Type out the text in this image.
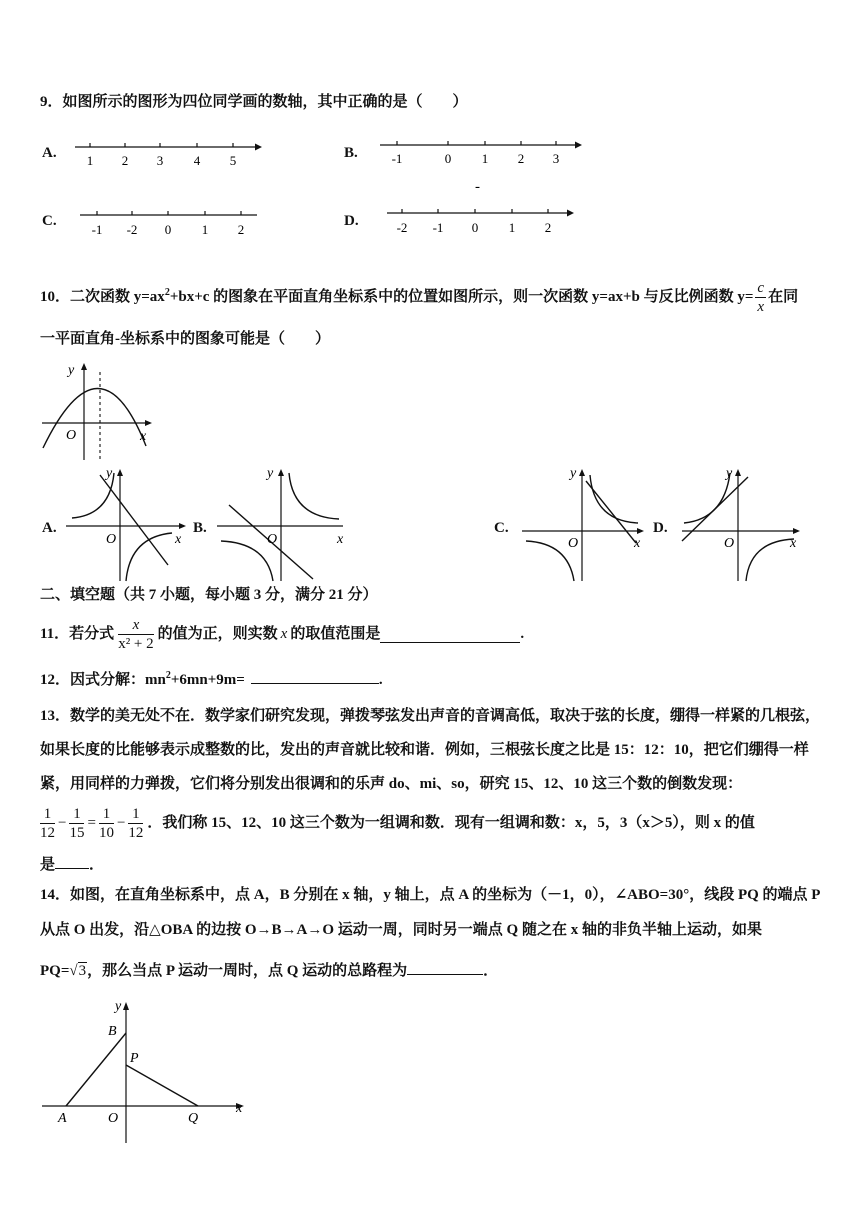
9．如图所示的图形为四位同学画的数轴，其中正确的是（　　）
A. 1 2 3 4 5	B.	-1	0 1 2 3
-
C.
-1 -2 0 1 2
D.	-2 -1 0 1 2
10．二次函数 $y=ax^2+bx+c$ 的图象在平面直角坐标系中的位置如图所示，则一次函数 y=ax+b 与反比例函数 $y= \frac{c}{x}$ 在同
一平面直角-坐标系中的图象可能是（　　）
y
x
O
A.
y
x
O
B.
y
x
O
C.
y
x
O
D.
y
x
O
二、填空题（共 7 小题，每小题 3 分，满分 21 分）
11．若分式 $\frac{x}{\text{x² + 2}}$ 的值为正，则实数 x 的取值范围是	.
12．因式分解：$mn^2+6mn+9m=$	.
13．数学的美无处不在．数学家们研究发现，弹拨琴弦发出声音的音调高低，取决于弦的长度，绷得一样紧的几根弦，
如果长度的比能够表示成整数的比，发出的声音就比较和谐．例如，三根弦长度之比是 15：12：10，把它们绷得一样
紧，用同样的力弹拨，它们将分别发出很调和的乐声 do、mi、so，研究 15、12、10 这三个数的倒数发现：
$\frac{1}{12} - \frac{1}{15} = \frac{1}{10} - \frac{1}{12}$ ．我们称 15、12、10 这三个数为一组调和数．现有一组调和数：x，5，3（x＞5），则 x 的值
是 ．
14．如图，在直角坐标系中，点 A，B 分别在 x 轴，y 轴上，点 A 的坐标为（－1，0），∠ABO=30°，线段 PQ 的端点 P
从点 O 出发，沿△OBA 的边按 O→B→A→O 运动一周，同时另一端点 Q 随之在 x 轴的非负半轴上运动，如果
PQ=√3，那么当点 P 运动一周时，点 Q 运动的总路程为	．
y
x
B
P
A	O	Q
